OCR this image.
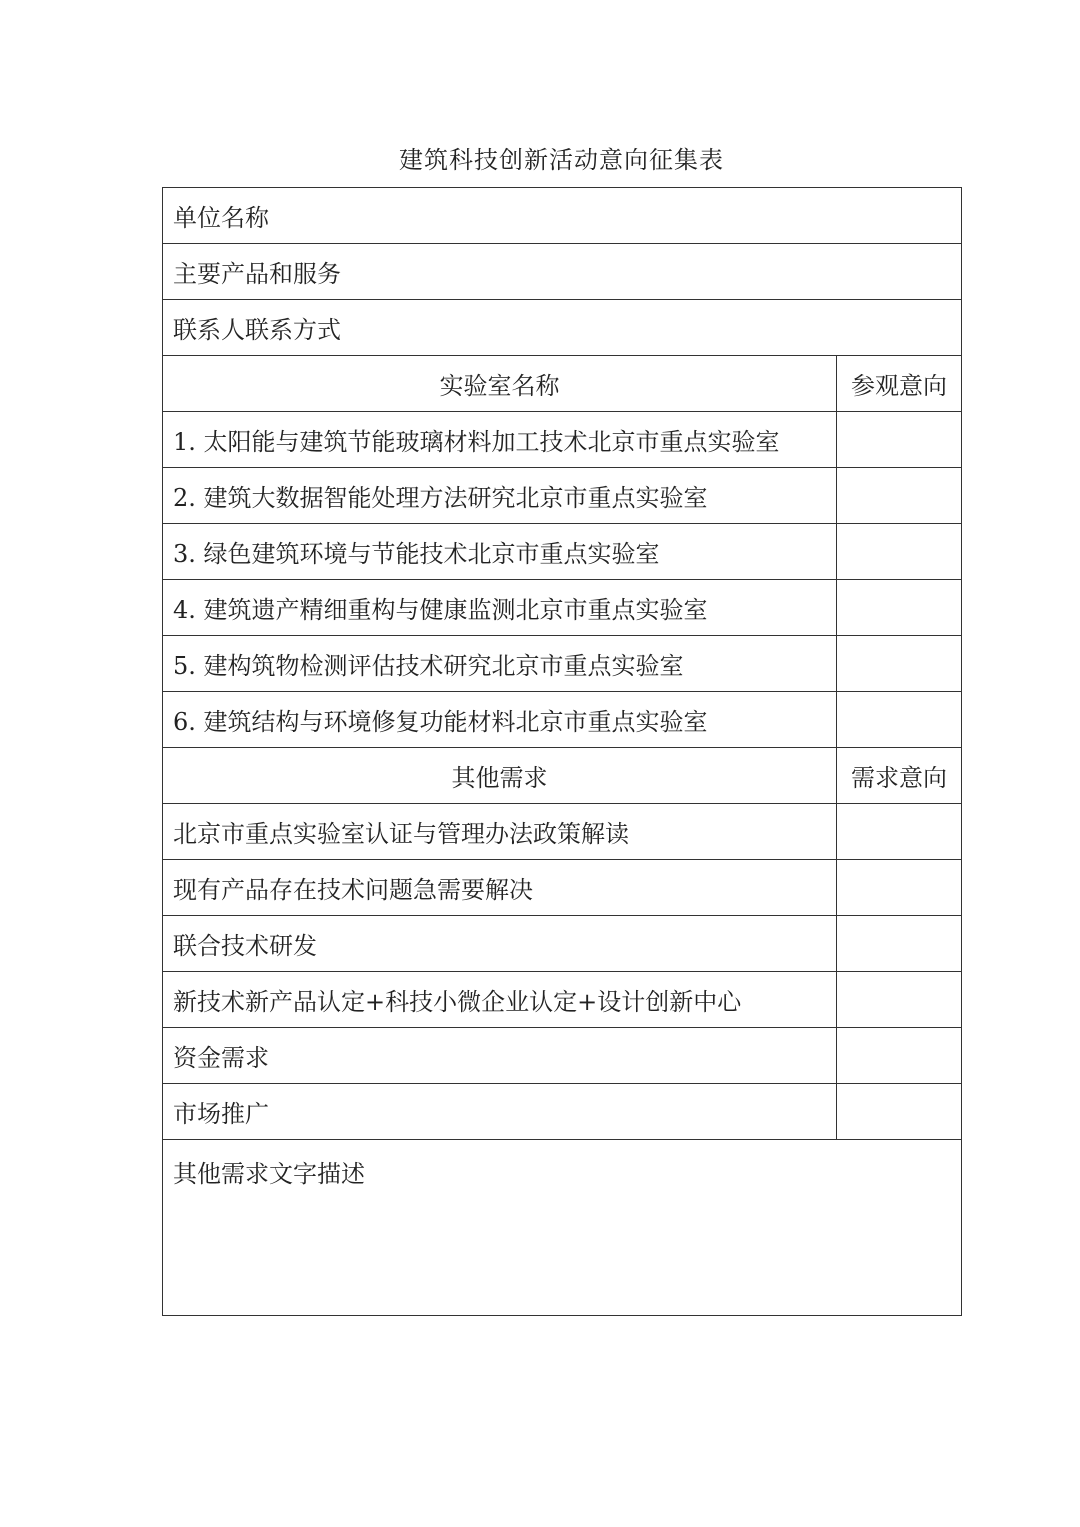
建筑科技创新活动意向征集表
单位名称	
主要产品和服务	
联系人联系方式	
实验室名称	参观意向
1. 太阳能与建筑节能玻璃材料加工技术北京市重点实验室	
2. 建筑大数据智能处理方法研究北京市重点实验室	
3. 绿色建筑环境与节能技术北京市重点实验室	
4. 建筑遗产精细重构与健康监测北京市重点实验室	
5. 建构筑物检测评估技术研究北京市重点实验室	
6. 建筑结构与环境修复功能材料北京市重点实验室	
其他需求	需求意向
北京市重点实验室认证与管理办法政策解读	
现有产品存在技术问题急需要解决	
联合技术研发	
新技术新产品认定+科技小微企业认定+设计创新中心	
资金需求	
市场推广	
其他需求文字描述	
